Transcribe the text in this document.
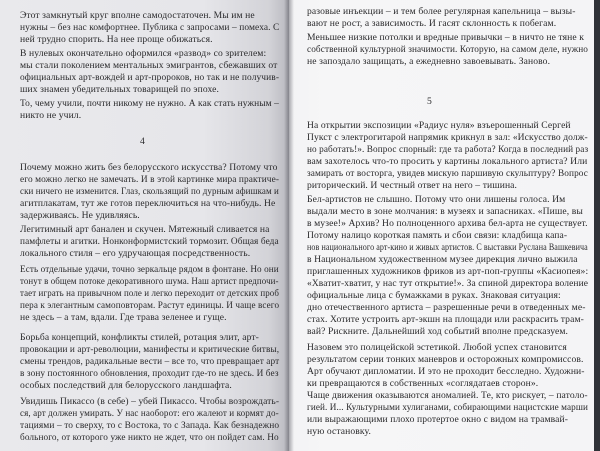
Этот замкнутый круг вполне самодостаточен. Мы им не
нужны – без нас комфортнее. Публика с запросами – помеха. С
ней трудно спорить. На нее проще обижаться.
В нулевых окончательно оформился «развод» со зрителем:
мы стали поколением ментальных эмигрантов, сбежавших от
официальных арт-вождей и арт-пророков, но так и не получив-
ших знамен убедительных товарищей по эпохе.
То, чему учили, почти никому не нужно. А как стать нужным –
никто не учил.
4
Почему можно жить без белорусского искусства? Потому что
его можно легко не замечать. И в этой картинке мира практиче-
ски ничего не изменится. Глаз, скользящий по дурным афишкам и
агитплакатам, тут же готов переключиться на что-нибудь. Не
задерживаясь. Не удивляясь.
Легитимный арт банален и скучен. Мятежный сливается на
памфлеты и агитки. Нонконформистский тормозит. Общая беда
локального стиля – его удручающая посредственность.
Есть отдельные удачи, точно зеркальце рядом в фонтане. Но они
тонут в общем потоке декоративного шума. Наш артист предпочи-
тает играть на привычном поле и легко переходит от детских проб
пера к элегантным самоповторам. Растут единицы. И чаще всего
не здесь – а там, вдали. Где трава зеленее и гуще.
Борьба концепций, конфликты стилей, ротация элит, арт-
провокации и арт-революции, манифесты и критические битвы,
смены трендов, радикальные вести – все то, что превращает арт
в зону постоянного обновления, проходит где-то не здесь. И без
особых последствий для белорусского ландшафта.
Увидишь Пикассо (в себе) – убей Пикассо. Чтобы возрождать-
ся, арт должен умирать. У нас наоборот: его жалеют и кормят до-
тациями – то сверху, то с Востока, то с Запада. Как безнадежно
больного, от которого уже никто не ждет, что он пойдет сам. Но
разовые инъекции – и тем более регулярная капельница – вызы-
вают не рост, а зависимость. И гасят склонность к побегам.
Меньшее низкие потолки и вредные привычки – в ничто не тяне к
собственной культурной значимости. Которую, на самом деле, нужно
не запоздало защищать, а ежедневно завоевывать. Заново.
5
На открытии экспозиции «Радиус нуля» взъерошенный Сергей
Пукст с электрогитарой напрямик крикнул в зал: «Искусство долж-
но работать!». Вопрос спорный: где та работа? Когда в последний раз
вам захотелось что-то просить у картины локального артиста? Или
замирать от восторга, увидев мискую паршивую скульптуру? Вопрос
риторический. И честный ответ на него – тишина.
Бел-артистов не слышно. Потому что они лишены голоса. Им
выдали место в зоне молчания: в музеях и запасниках. «Пише, вы
в музее!» Архив? Но полноценного архива бел-арта не существует.
Потому налицо короткая память и сбои связи: кладбища капа-
нов национального арт-кино и живых артистов. С выставки Руслана Вашкевича
в Национальном художественном музее дирекция лично выжила
приглашенных художников фриков из арт-поп-группы «Касиопея»:
«Хватит-хватит, у нас тут открытие!». За спиной директора воление
официальные лица с бумажками в руках. Знаковая ситуация:
дно отечественного артиста – разрешенные речи в отведенных ме-
стах. Хотите устроить арт-экшн на площади или раскрасить трам-
вай? Рискните. Дальнейший ход событий вполне предсказуем.
Назовем это полицейской эстетикой. Любой успех становится
результатом серии тонких маневров и осторожных компромиссов.
Арт обучают дипломатии. И это не проходит бесследно. Художни-
ки превращаются в собственных «соглядатаев сторон».
Чаще движения оказываются аномалией. Те, кто рискует, – патоло-
гией. И... Культурными хулиганами, собирающими нацистские марши
или выражающими плохо протертое окно с видом на трамвай-
ную остановку.
